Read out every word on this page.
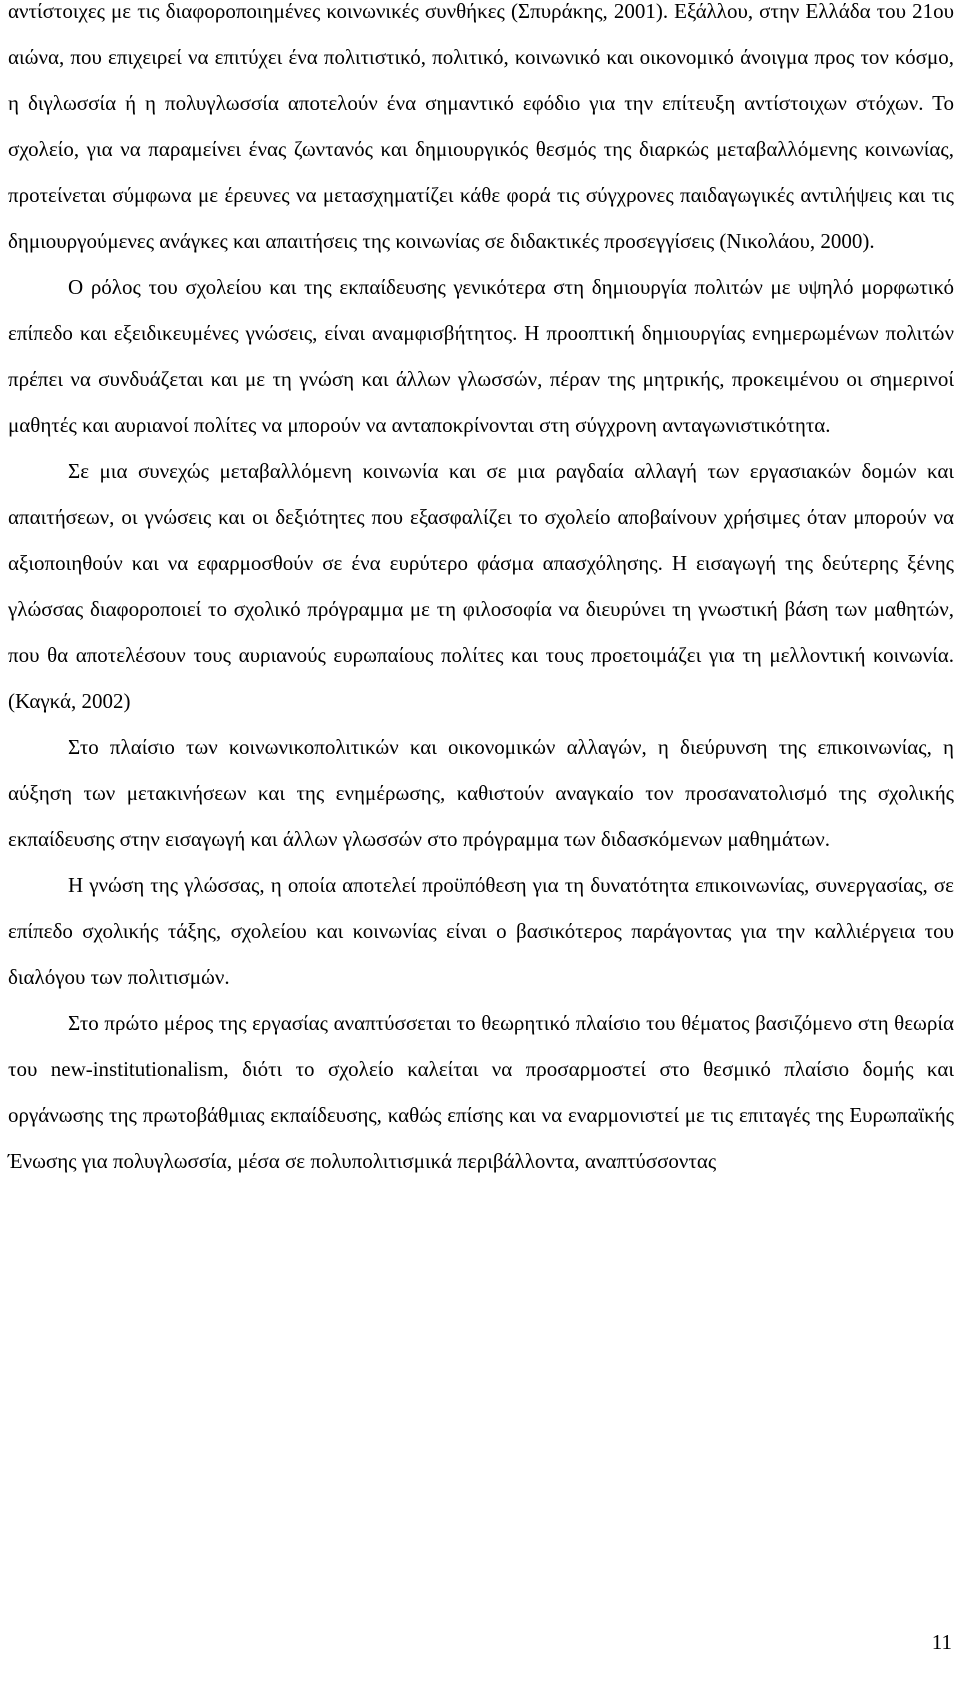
αντίστοιχες με τις διαφοροποιημένες κοινωνικές συνθήκες (Σπυράκης, 2001). Εξάλλου, στην Ελλάδα του 21ου αιώνα, που επιχειρεί να επιτύχει ένα πολιτιστικό, πολιτικό, κοινωνικό και οικονομικό άνοιγμα προς τον κόσμο, η διγλωσσία ή η πολυγλωσσία αποτελούν ένα σημαντικό εφόδιο για την επίτευξη αντίστοιχων στόχων. Το σχολείο, για να παραμείνει ένας ζωντανός και δημιουργικός θεσμός της διαρκώς μεταβαλλόμενης κοινωνίας, προτείνεται σύμφωνα με έρευνες να μετασχηματίζει κάθε φορά τις σύγχρονες παιδαγωγικές αντιλήψεις και τις δημιουργούμενες ανάγκες και απαιτήσεις της κοινωνίας σε διδακτικές προσεγγίσεις (Νικολάου, 2000).

Ο ρόλος του σχολείου και της εκπαίδευσης γενικότερα στη δημιουργία πολιτών με υψηλό μορφωτικό επίπεδο και εξειδικευμένες γνώσεις, είναι αναμφισβήτητος. Η προοπτική δημιουργίας ενημερωμένων πολιτών πρέπει να συνδυάζεται και με τη γνώση και άλλων γλωσσών, πέραν της μητρικής, προκειμένου οι σημερινοί μαθητές και αυριανοί πολίτες να μπορούν να ανταποκρίνονται στη σύγχρονη ανταγωνιστικότητα.

Σε μια συνεχώς μεταβαλλόμενη κοινωνία και σε μια ραγδαία αλλαγή των εργασιακών δομών και απαιτήσεων, οι γνώσεις και οι δεξιότητες που εξασφαλίζει το σχολείο αποβαίνουν χρήσιμες όταν μπορούν να αξιοποιηθούν και να εφαρμοσθούν σε ένα ευρύτερο φάσμα απασχόλησης. Η εισαγωγή της δεύτερης ξένης γλώσσας διαφοροποιεί το σχολικό πρόγραμμα με τη φιλοσοφία να διευρύνει τη γνωστική βάση των μαθητών, που θα αποτελέσουν τους αυριανούς ευρωπαίους πολίτες και τους προετοιμάζει για τη μελλοντική κοινωνία. (Καγκά, 2002)

Στο πλαίσιο των κοινωνικοπολιτικών και οικονομικών αλλαγών, η διεύρυνση της επικοινωνίας, η αύξηση των μετακινήσεων και της ενημέρωσης, καθιστούν αναγκαίο τον προσανατολισμό της σχολικής εκπαίδευσης στην εισαγωγή και άλλων γλωσσών στο πρόγραμμα των διδασκόμενων μαθημάτων.

Η γνώση της γλώσσας, η οποία αποτελεί προϋπόθεση για τη δυνατότητα επικοινωνίας, συνεργασίας, σε επίπεδο σχολικής τάξης, σχολείου και κοινωνίας είναι ο βασικότερος παράγοντας για την καλλιέργεια του διαλόγου των πολιτισμών.

Στο πρώτο μέρος της εργασίας αναπτύσσεται το θεωρητικό πλαίσιο του θέματος βασιζόμενο στη θεωρία του new-institutionalism, διότι το σχολείο καλείται να προσαρμοστεί στο θεσμικό πλαίσιο δομής και οργάνωσης της πρωτοβάθμιας εκπαίδευσης, καθώς επίσης και να εναρμονιστεί με τις επιταγές της Ευρωπαϊκής Ένωσης για πολυγλωσσία, μέσα σε πολυπολιτισμικά περιβάλλοντα, αναπτύσσοντας

11
